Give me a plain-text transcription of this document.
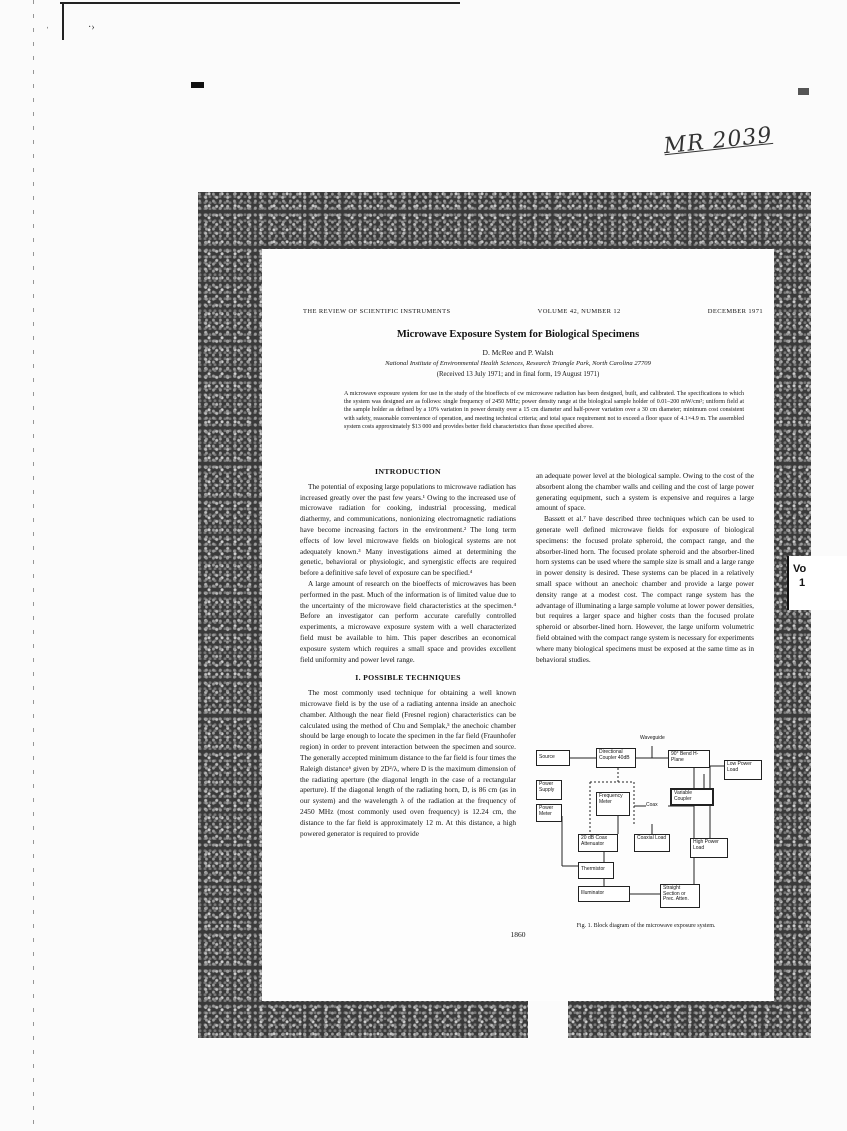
ˈ	·›
MR 2039
Vo
1
THE REVIEW OF SCIENTIFIC INSTRUMENTS	VOLUME 42, NUMBER 12	DECEMBER 1971
Microwave Exposure System for Biological Specimens
D. McRee and P. Walsh
National Institute of Environmental Health Sciences, Research Triangle Park, North Carolina 27709
(Received 13 July 1971; and in final form, 19 August 1971)
A microwave exposure system for use in the study of the bioeffects of cw microwave radiation has been designed, built, and calibrated. The specifications to which the system was designed are as follows: single frequency of 2450 MHz; power density range at the biological sample holder of 0.01–200 mW/cm²; uniform field at the sample holder as defined by a 10% variation in power density over a 15 cm diameter and half-power variation over a 30 cm diameter; minimum cost consistent with safety, reasonable convenience of operation, and meeting technical criteria; and total space requirement not to exceed a floor space of 4.1×4.9 m. The assembled system costs approximately $13 000 and provides better field characteristics than those specified above.
INTRODUCTION

The potential of exposing large populations to microwave radiation has increased greatly over the past few years.¹ Owing to the increased use of microwave radiation for cooking, industrial processing, medical diathermy, and communications, nonionizing electromagnetic radiations have become increasing factors in the environment.² The long term effects of low level microwave fields on biological systems are not adequately known.³ Many investigations aimed at determining the genetic, behavioral or physiologic, and synergistic effects are required before a definitive safe level of exposure can be specified.⁴

A large amount of research on the bioeffects of microwaves has been performed in the past. Much of the information is of limited value due to the uncertainty of the microwave field characteristics at the specimen.⁴ Before an investigator can perform accurate carefully controlled experiments, a microwave exposure system with a well characterized field must be available to him. This paper describes an economical exposure system which requires a small space and provides excellent field uniformity and power level range.

I. POSSIBLE TECHNIQUES

The most commonly used technique for obtaining a well known microwave field is by the use of a radiating antenna inside an anechoic chamber. Although the near field (Fresnel region) characteristics can be calculated using the method of Chu and Semplak,⁵ the anechoic chamber should be large enough to locate the specimen in the far field (Fraunhofer region) in order to prevent interaction between the specimen and source. The generally accepted minimum distance to the far field is four times the Raleigh distance⁶ given by 2D²/λ, where D is the maximum dimension of the radiating aperture (the diagonal length in the case of a rectangular aperture). If the diagonal length of the radiating horn, D, is 86 cm (as in our system) and the wavelength λ of the radiation at the frequency of 2450 MHz (most commonly used oven frequency) is 12.24 cm, the distance to the far field is approximately 12 m. At this distance, a high powered generator is required to provide

an adequate power level at the biological sample. Owing to the cost of the absorbent along the chamber walls and ceiling and the cost of large power generating equipment, such a system is expensive and requires a large amount of space.

Bassett et al.⁷ have described three techniques which can be used to generate well defined microwave fields for exposure of biological specimens: the focused prolate spheroid, the compact range, and the absorber-lined horn. The focused prolate spheroid and the absorber-lined horn systems can be used where the sample size is small and a large range in power density is desired. These systems can be placed in a relatively small space without an anechoic chamber and provide a large power density range at a modest cost. The compact range system has the advantage of illuminating a large sample volume at lower power densities, but requires a larger space and higher costs than the focused prolate spheroid or absorber-lined horn. However, the large uniform volumetric field obtained with the compact range system is necessary for experiments where many biological specimens must be exposed at the same time as in behavioral studies.

Waveguide
Source
Directional Coupler 40dB
90° Bend H-Plane
Low Power Load
Power Supply
Frequency Meter
Coax
Variable Coupler
Power Meter
20 dB Coax Attenuator
Coaxial Load
High Power Load
Thermistor
Illuminator
Straight Section or Prec. Atten.
Fig. 1. Block diagram of the microwave exposure system.
1860
